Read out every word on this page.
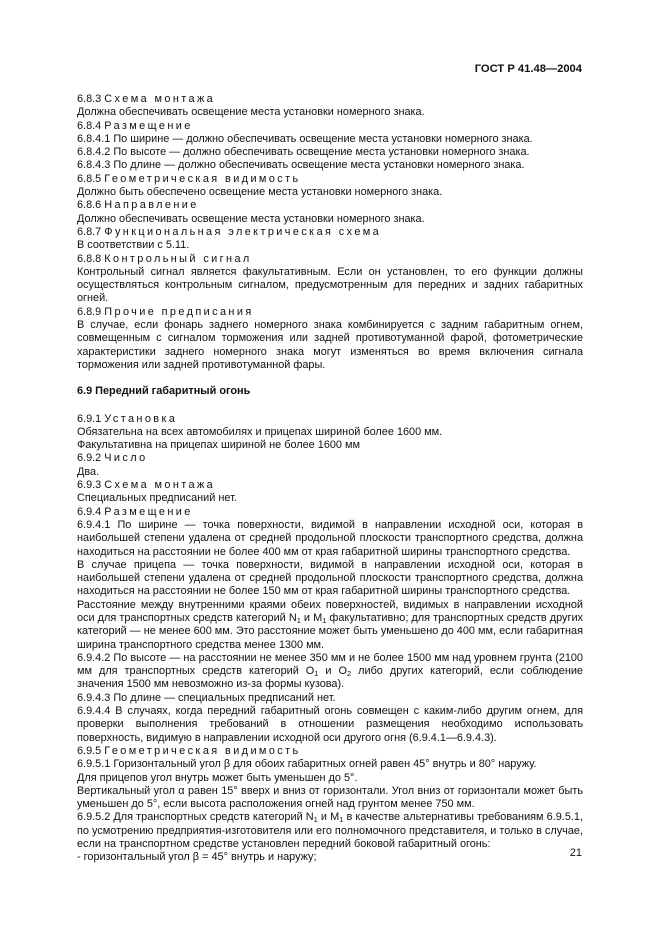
ГОСТ Р 41.48—2004

6.8.3 Схема монтажа

Должна обеспечивать освещение места установки номерного знака.

6.8.4 Размещение

6.8.4.1 По ширине — должно обеспечивать освещение места установки номерного знака.

6.8.4.2 По высоте — должно обеспечивать освещение места установки номерного знака.

6.8.4.3 По длине — должно обеспечивать освещение места установки номерного знака.

6.8.5 Геометрическая видимость

Должно быть обеспечено освещение места установки номерного знака.

6.8.6 Направление

Должно обеспечивать освещение места установки номерного знака.

6.8.7 Функциональная электрическая схема

В соответствии с 5.11.

6.8.8 Контрольный сигнал

Контрольный сигнал является факультативным. Если он установлен, то его функции должны осуществляться контрольным сигналом, предусмотренным для передних и задних габаритных огней.

6.8.9 Прочие предписания

В случае, если фонарь заднего номерного знака комбинируется с задним габаритным огнем, совмещенным с сигналом торможения или задней противотуманной фарой, фотометрические характеристики заднего номерного знака могут изменяться во время включения сигнала торможения или задней противотуманной фары.

6.9 Передний габаритный огонь

6.9.1 Установка

Обязательна на всех автомобилях и прицепах шириной более 1600 мм.

Факультативна на прицепах шириной не более 1600 мм

6.9.2 Число

Два.

6.9.3 Схема монтажа

Специальных предписаний нет.

6.9.4 Размещение

6.9.4.1 По ширине — точка поверхности, видимой в направлении исходной оси, которая в наибольшей степени удалена от средней продольной плоскости транспортного средства, должна находиться на расстоянии не более 400 мм от края габаритной ширины транспортного средства.

В случае прицепа — точка поверхности, видимой в направлении исходной оси, которая в наибольшей степени удалена от средней продольной плоскости транспортного средства, должна находиться на расстоянии не более 150 мм от края габаритной ширины транспортного средства.

Расстояние между внутренними краями обеих поверхностей, видимых в направлении исходной оси для транспортных средств категорий $N_1$ и $M_1$ факультативно; для транспортных средств других категорий — не менее 600 мм. Это расстояние может быть уменьшено до 400 мм, если габаритная ширина транспортного средства менее 1300 мм.

6.9.4.2 По высоте — на расстоянии не менее 350 мм и не более 1500 мм над уровнем грунта (2100 мм для транспортных средств категорий $O_1$ и $O_2$ либо других категорий, если соблюдение значения 1500 мм невозможно из-за формы кузова).

6.9.4.3 По длине — специальных предписаний нет.

6.9.4.4 В случаях, когда передний габаритный огонь совмещен с каким-либо другим огнем, для проверки выполнения требований в отношении размещения необходимо использовать поверхность, видимую в направлении исходной оси другого огня (6.9.4.1—6.9.4.3).

6.9.5 Геометрическая видимость

6.9.5.1 Горизонтальный угол β для обоих габаритных огней равен 45° внутрь и 80° наружу.

Для прицепов угол внутрь может быть уменьшен до 5°.

Вертикальный угол α равен 15° вверх и вниз от горизонтали. Угол вниз от горизонтали может быть уменьшен до 5°, если высота расположения огней над грунтом менее 750 мм.

6.9.5.2 Для транспортных средств категорий $N_1$ и $M_1$ в качестве альтернативы требованиям 6.9.5.1, по усмотрению предприятия-изготовителя или его полномочного представителя, и только в случае, если на транспортном средстве установлен передний боковой габаритный огонь:

- горизонтальный угол β = 45° внутрь и наружу;	21
